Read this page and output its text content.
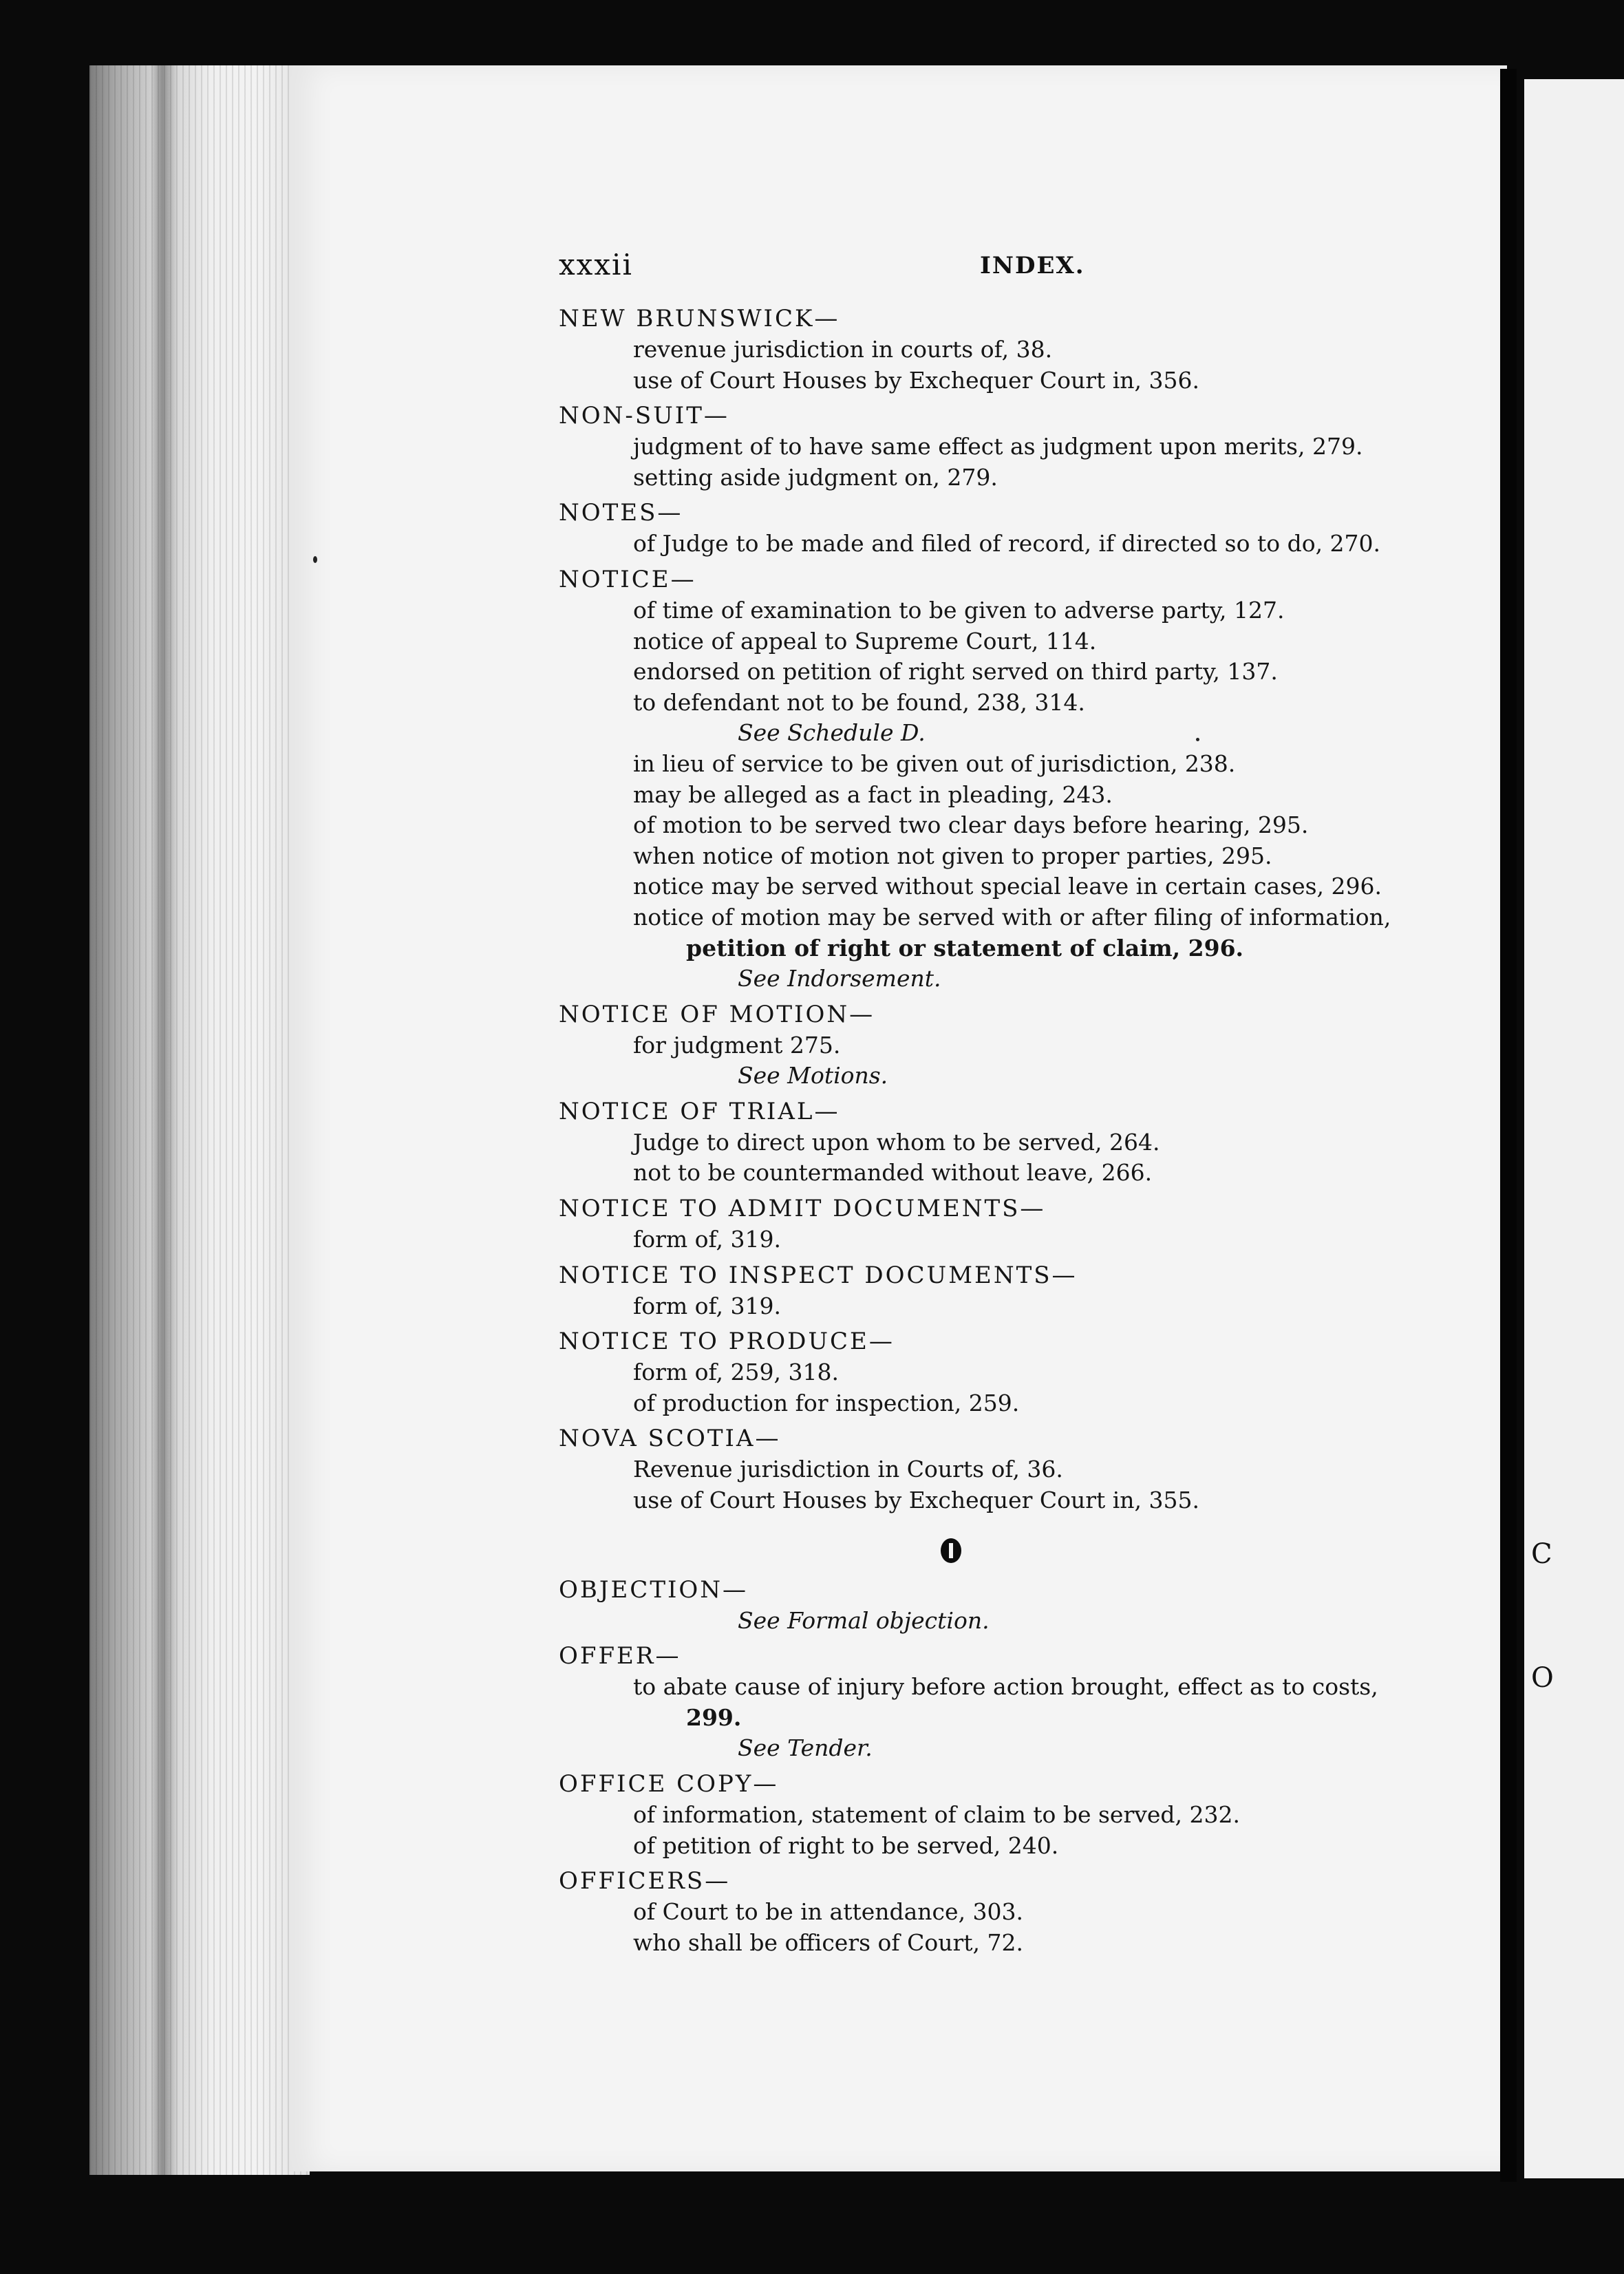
C
O
xxxii	INDEX.
NEW BRUNSWICK—
revenue jurisdiction in courts of, 38.
use of Court Houses by Exchequer Court in, 356.
NON-SUIT—
judgment of to have same effect as judgment upon merits, 279.
setting aside judgment on, 279.
NOTES—
of Judge to be made and filed of record, if directed so to do, 270.
NOTICE—
of time of examination to be given to adverse party, 127.
notice of appeal to Supreme Court, 114.
endorsed on petition of right served on third party, 137.
to defendant not to be found, 238, 314.
See Schedule D.
in lieu of service to be given out of jurisdiction, 238.
may be alleged as a fact in pleading, 243.
of motion to be served two clear days before hearing, 295.
when notice of motion not given to proper parties, 295.
notice may be served without special leave in certain cases, 296.
notice of motion may be served with or after filing of information,
petition of right or statement of claim, 296.
See Indorsement.
NOTICE OF MOTION—
for judgment 275.
See Motions.
NOTICE OF TRIAL—
Judge to direct upon whom to be served, 264.
not to be countermanded without leave, 266.
NOTICE TO ADMIT DOCUMENTS—
form of, 319.
NOTICE TO INSPECT DOCUMENTS—
form of, 319.
NOTICE TO PRODUCE—
form of, 259, 318.
of production for inspection, 259.
NOVA SCOTIA—
Revenue jurisdiction in Courts of, 36.
use of Court Houses by Exchequer Court in, 355.
OBJECTION—
See Formal objection.
OFFER—
to abate cause of injury before action brought, effect as to costs,
299.
See Tender.
OFFICE COPY—
of information, statement of claim to be served, 232.
of petition of right to be served, 240.
OFFICERS—
of Court to be in attendance, 303.
who shall be officers of Court, 72.
